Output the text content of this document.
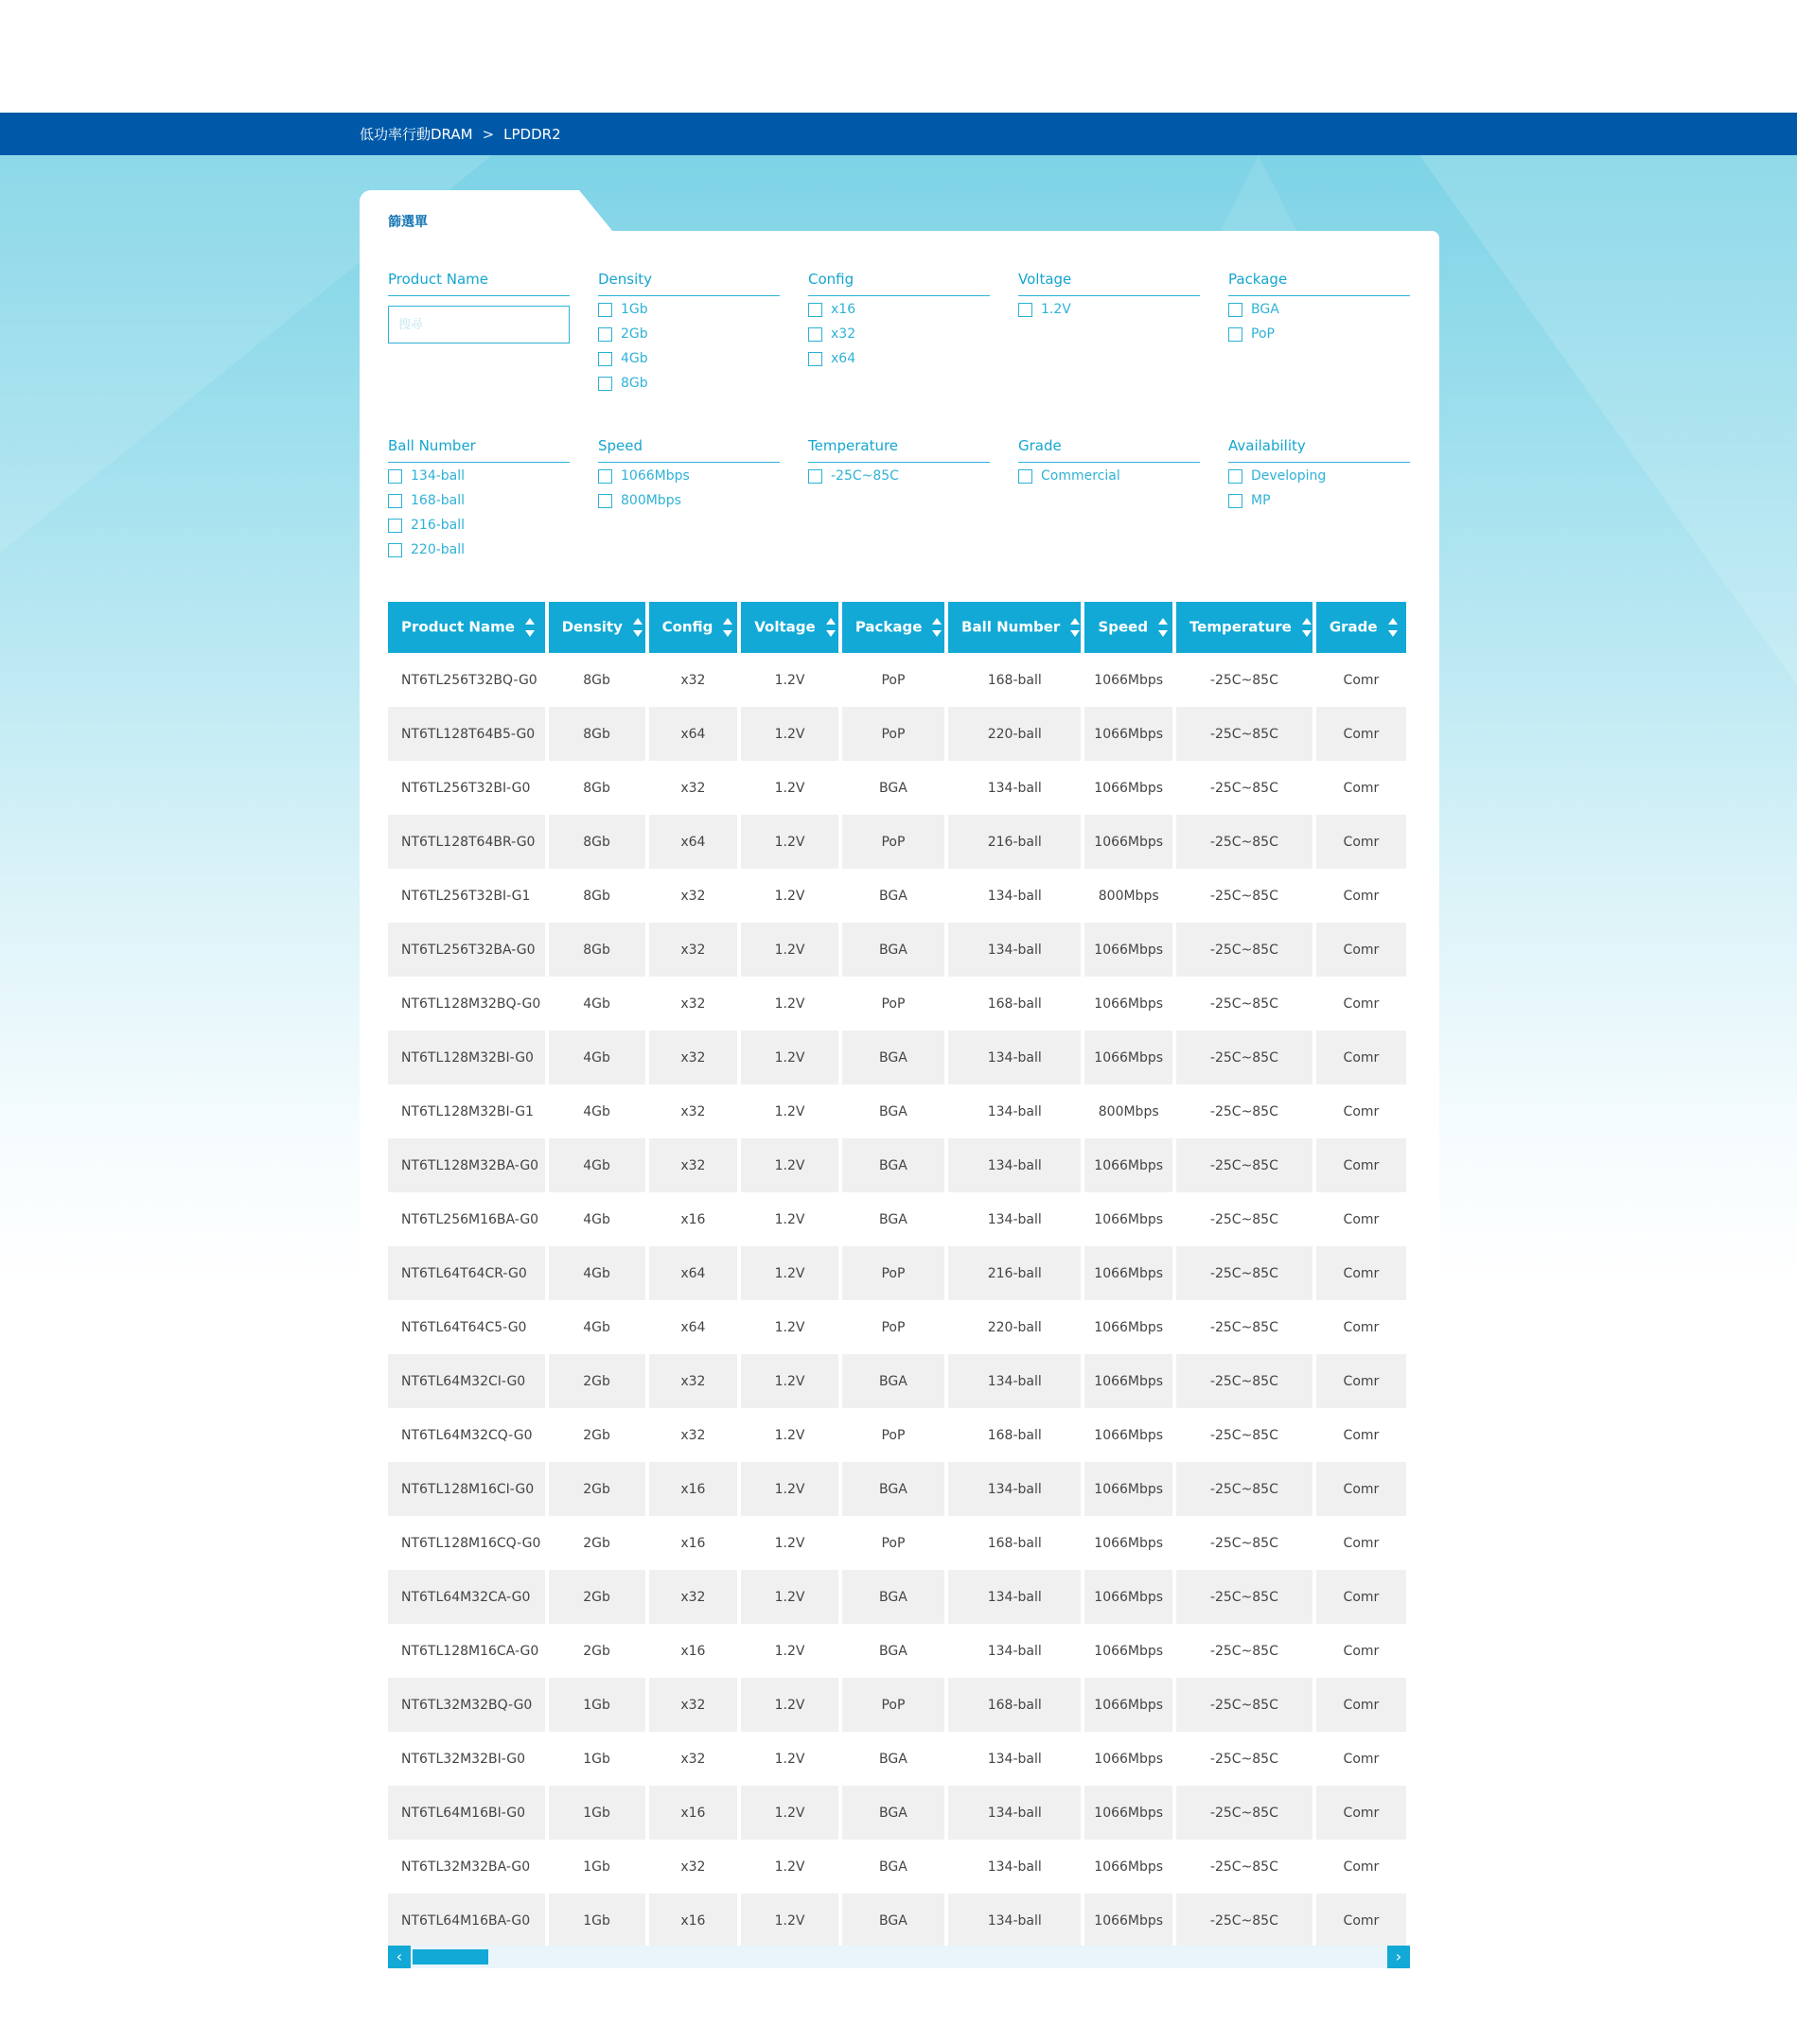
低功率行動DRAM > LPDDR2
篩選單
Product Name
搜尋	Density
1Gb
2Gb
4Gb
8Gb
Config
x16
x32
x64
Voltage
1.2V
Package
BGA
PoP
Ball Number
134-ball
168-ball
216-ball
220-ball
Speed
1066Mbps
800Mbps
Temperature
-25C~85C
Grade
Commercial
Availability
Developing
MP
Product Name	Density	Config	Voltage	Package	Ball Number	Speed	Temperature	Grade
NT6TL256T32BQ-G0	8Gb	x32	1.2V	PoP	168-ball	1066Mbps	-25C~85C	Comr
NT6TL128T64B5-G0	8Gb	x64	1.2V	PoP	220-ball	1066Mbps	-25C~85C	Comr
NT6TL256T32BI-G0	8Gb	x32	1.2V	BGA	134-ball	1066Mbps	-25C~85C	Comr
NT6TL128T64BR-G0	8Gb	x64	1.2V	PoP	216-ball	1066Mbps	-25C~85C	Comr
NT6TL256T32BI-G1	8Gb	x32	1.2V	BGA	134-ball	800Mbps	-25C~85C	Comr
NT6TL256T32BA-G0	8Gb	x32	1.2V	BGA	134-ball	1066Mbps	-25C~85C	Comr
NT6TL128M32BQ-G0	4Gb	x32	1.2V	PoP	168-ball	1066Mbps	-25C~85C	Comr
NT6TL128M32BI-G0	4Gb	x32	1.2V	BGA	134-ball	1066Mbps	-25C~85C	Comr
NT6TL128M32BI-G1	4Gb	x32	1.2V	BGA	134-ball	800Mbps	-25C~85C	Comr
NT6TL128M32BA-G0	4Gb	x32	1.2V	BGA	134-ball	1066Mbps	-25C~85C	Comr
NT6TL256M16BA-G0	4Gb	x16	1.2V	BGA	134-ball	1066Mbps	-25C~85C	Comr
NT6TL64T64CR-G0	4Gb	x64	1.2V	PoP	216-ball	1066Mbps	-25C~85C	Comr
NT6TL64T64C5-G0	4Gb	x64	1.2V	PoP	220-ball	1066Mbps	-25C~85C	Comr
NT6TL64M32CI-G0	2Gb	x32	1.2V	BGA	134-ball	1066Mbps	-25C~85C	Comr
NT6TL64M32CQ-G0	2Gb	x32	1.2V	PoP	168-ball	1066Mbps	-25C~85C	Comr
NT6TL128M16CI-G0	2Gb	x16	1.2V	BGA	134-ball	1066Mbps	-25C~85C	Comr
NT6TL128M16CQ-G0	2Gb	x16	1.2V	PoP	168-ball	1066Mbps	-25C~85C	Comr
NT6TL64M32CA-G0	2Gb	x32	1.2V	BGA	134-ball	1066Mbps	-25C~85C	Comr
NT6TL128M16CA-G0	2Gb	x16	1.2V	BGA	134-ball	1066Mbps	-25C~85C	Comr
NT6TL32M32BQ-G0	1Gb	x32	1.2V	PoP	168-ball	1066Mbps	-25C~85C	Comr
NT6TL32M32BI-G0	1Gb	x32	1.2V	BGA	134-ball	1066Mbps	-25C~85C	Comr
NT6TL64M16BI-G0	1Gb	x16	1.2V	BGA	134-ball	1066Mbps	-25C~85C	Comr
NT6TL32M32BA-G0	1Gb	x32	1.2V	BGA	134-ball	1066Mbps	-25C~85C	Comr
NT6TL64M16BA-G0	1Gb	x16	1.2V	BGA	134-ball	1066Mbps	-25C~85C	Comr
‹	›
